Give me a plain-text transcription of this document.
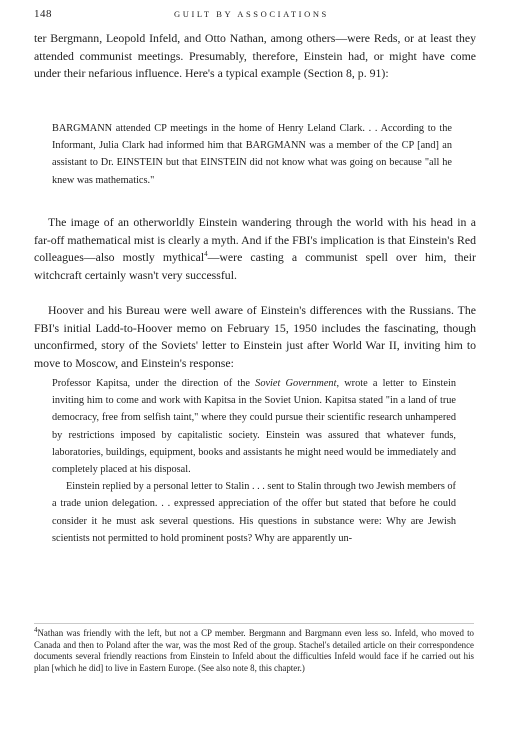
148	GUILT BY ASSOCIATIONS

ter Bergmann, Leopold Infeld, and Otto Nathan, among others—were Reds, or at least they attended communist meetings. Presumably, therefore, Einstein had, or might have come under their nefarious influence. Here's a typical example (Section 8, p. 91):

BARGMANN attended CP meetings in the home of Henry Leland Clark. . . According to the Informant, Julia Clark had informed him that BARGMANN was a member of the CP [and] an assistant to Dr. EINSTEIN but that EINSTEIN did not know what was going on because "all he knew was mathematics."

The image of an otherworldly Einstein wandering through the world with his head in a far-off mathematical mist is clearly a myth. And if the FBI's implication is that Einstein's Red colleagues—also mostly mythical$^4$—were casting a communist spell over him, their witchcraft certainly wasn't very successful.

Hoover and his Bureau were well aware of Einstein's differences with the Russians. The FBI's initial Ladd-to-Hoover memo on February 15, 1950 includes the fascinating, though unconfirmed, story of the Soviets' letter to Einstein just after World War II, inviting him to move to Moscow, and Einstein's response:

Professor Kapitsa, under the direction of the Soviet Government, wrote a letter to Einstein inviting him to come and work with Kapitsa in the Soviet Union. Kapitsa stated "in a land of true democracy, free from selfish taint," where they could pursue their scientific research unhampered by restrictions imposed by capitalistic society. Einstein was assured that whatever funds, laboratories, buildings, equipment, books and assistants he might need would be immediately and completely placed at his disposal.

Einstein replied by a personal letter to Stalin . . . sent to Stalin through two Jewish members of a trade union delegation. . . expressed appreciation of the offer but stated that before he could consider it he must ask several questions. His questions in substance were: Why are Jewish scientists not permitted to hold prominent posts? Why are apparently un-

$^4$Nathan was friendly with the left, but not a CP member. Bergmann and Bargmann even less so. Infeld, who moved to Canada and then to Poland after the war, was the most Red of the group. Stachel's detailed article on their correspondence documents several friendly reactions from Einstein to Infeld about the difficulties Infeld would face if he carried out his plan [which he did] to live in Eastern Europe. (See also note 8, this chapter.)
